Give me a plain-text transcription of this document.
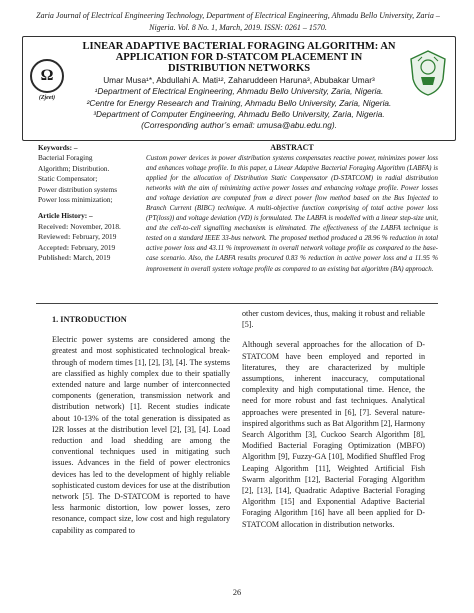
Zaria Journal of Electrical Engineering Technology, Department of Electrical Engineering, Ahmadu Bello University, Zaria – Nigeria. Vol. 8 No. 1, March, 2019. ISSN: 0261 – 1570.
Ω
(Zjeet)
LINEAR ADAPTIVE BACTERIAL FORAGING ALGORITHM: AN APPLICATION FOR D-STATCOM PLACEMENT IN DISTRIBUTION NETWORKS
Umar Musa¹*, Abdullahi A. Mati¹², Zaharuddeen Haruna³, Abubakar Umar³
¹Department of Electrical Engineering, Ahmadu Bello University, Zaria, Nigeria.
²Centre for Energy Research and Training, Ahmadu Bello University, Zaria, Nigeria.
³Department of Computer Engineering, Ahmadu Bello University, Zaria, Nigeria.
(Corresponding author’s email: umusa@abu.edu.ng).
Keywords: –
Bacterial Foraging
Algorithm; Distribution.
Static Compensator;
Power distribution systems
Power loss minimization;
Article History: –
Received: November, 2018.
Reviewed: February, 2019
Accepted: February, 2019
Published: March, 2019
ABSTRACT
Custom power devices in power distribution systems compensates reactive power, minimizes power loss and enhances voltage profile. In this paper, a Linear Adaptive Bacterial Foraging Algorithm (LABFA) is applied for the allocation of Distribution Static Compensator (D-STATCOM) in radial distribution networks with the aim of minimizing active power losses and enhancing voltage profile. Power losses and voltage deviation are computed from a direct power flow method based on the Bus Injected to Branch Current (BIBC) technique. A multi-objective function comprising of total active power loss (PT(loss)) and voltage deviation (VD) is formulated. The LABFA is modelled with a linear step-size unit, and the cell-to-cell signalling mechanism is eliminated. The effectiveness of the LABFA technique is tested on a standard IEEE 33-bus network. The proposed method produced a 28.96 % reduction in total active power loss and 43.11 % improvement in overall network voltage profile as compared to the base-case scenario. Also, the LABFA results procured 0.83 % reduction in active power loss and a 11.95 % improvement in overall system voltage profile as compared to an existing bat algorithm (BA) approach.
1. INTRODUCTION

Electric power systems are considered among the greatest and most sophisticated technological break-through of modern times [1], [2], [3], [4]. The systems are classified as highly complex due to their spatially extended nature and large number of interconnected components (generation, transmission network and distribution network) [1]. Recent studies indicate about 10-13% of the total generation is dissipated as I2R losses at the distribution level [2], [3], [4]. Load reduction and load shedding are among the conventional techniques used in mitigating such issues. Advances in the field of power electronics devices has led to the development of highly reliable sophisticated custom devices for use at the distribution network [5]. The D-STATCOM is reported to have less harmonic distortion, low power losses, zero resonance, compact size, low cost and high regulatory capability as compared to

other custom devices, thus, making it robust and reliable [5].

Although several approaches for the allocation of D-STATCOM have been employed and reported in literatures, they are characterized by multiple assumptions, inherent inaccuracy, computational complexity and high computational time. Hence, the need for more robust and fast techniques. Analytical approaches were presented in [6], [7]. Several nature-inspired algorithms such as Bat Algorithm [2], Harmony Search Algorithm [3], Cuckoo Search Algorithm [8], Modified Bacterial Foraging Optimization (MBFO) Algorithm [9], Fuzzy-GA [10], Modified Shuffled Frog Leaping Algorithm [11], Weighted Artificial Fish Swarm algorithm [12], Bacterial Foraging Algorithm [2], [13], [14], Quadratic Adaptive Bacterial Foraging Algorithm [15] and Exponential Adaptive Bacterial Foraging Algorithm [16] have all been applied for D-STATCOM allocation in distribution networks.

26
